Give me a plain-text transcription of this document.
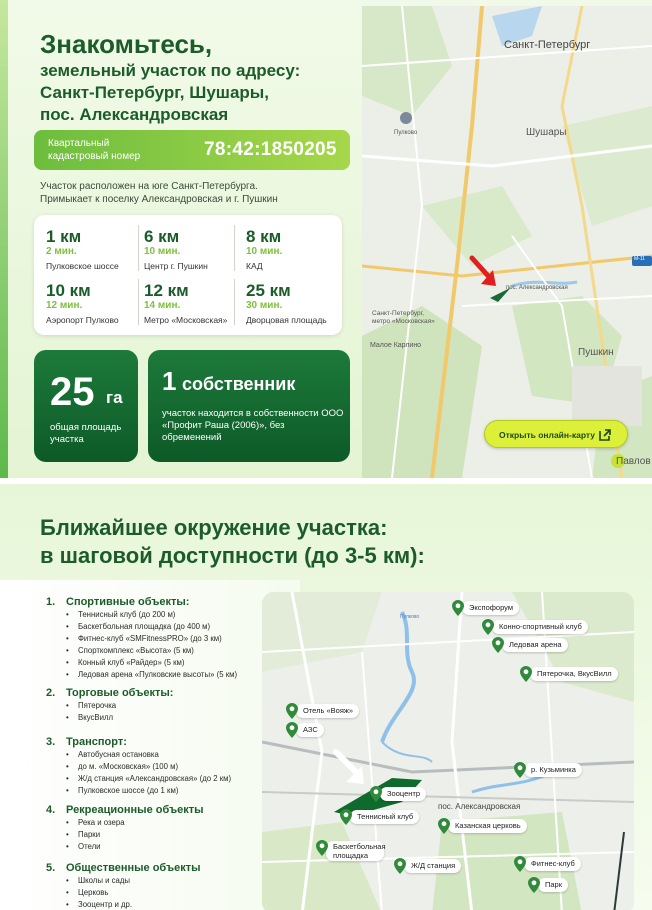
Знакомьтесь,
земельный участок по адресу:
Санкт-Петербург, Шушары,
пос. Александровская
Квартальный кадастровый номер	78:42:1850205
Участок расположен на юге Санкт-Петербурга.
Примыкает к поселку Александровская и г. Пушкин
1 км
2 мин.
Пулковское шоссе
6 км
10 мин.
Центр г. Пушкин
8 км
10 мин.
КАД
10 км
12 мин.
Аэропорт Пулково
12 км
14 мин.
Метро «Московская»
25 км
30 мин.
Дворцовая площадь
25 га
общая площадь участка
1 собственник
участок находится в собственности ООО «Профит Раша (2006)», без обременений
Санкт-Петербург
Шушары
Пулково
пос. Александровская
Санкт-Петербург,
метро «Московская»
Малое Карлино
Пушкин
Павлов
M-11
Открыть онлайн-карту
Ближайшее окружение участка:
в шаговой доступности (до 3-5 км):
1. Спортивные объекты:
• Теннисный клуб (до 200 м)
• Баскетбольная площадка (до 400 м)
• Фитнес-клуб «SMFitnessPRO» (до 3 км)
• Спорткомплекс «Высота» (5 км)
• Конный клуб «Райдер» (5 км)
• Ледовая арена «Пулковские высоты» (5 км)
2. Торговые объекты:
• Пятерочка
• ВкусВилл
3. Транспорт:
• Автобусная остановка
• до м. «Московская» (100 м)
• Ж/д станция «Александровская» (до 2 км)
• Пулковское шоссе (до 1 км)
4. Рекреационные объекты
• Река и озера
• Парки
• Отели
5. Общественные объекты
• Школы и сады
• Церковь
• Зооцентр и др.
пос. Александровская
Пулково
Экспофорум
Конно-спортивный клуб
Ледовая арена
Пятерочка, ВкусВилл
Отель «Вояж»
АЗС
р. Кузьминка
Зооцентр
Теннисный клуб
Казанская церковь
Баскетбольная площадка
Ж/Д станция	Фитнес-клуб
Парк
